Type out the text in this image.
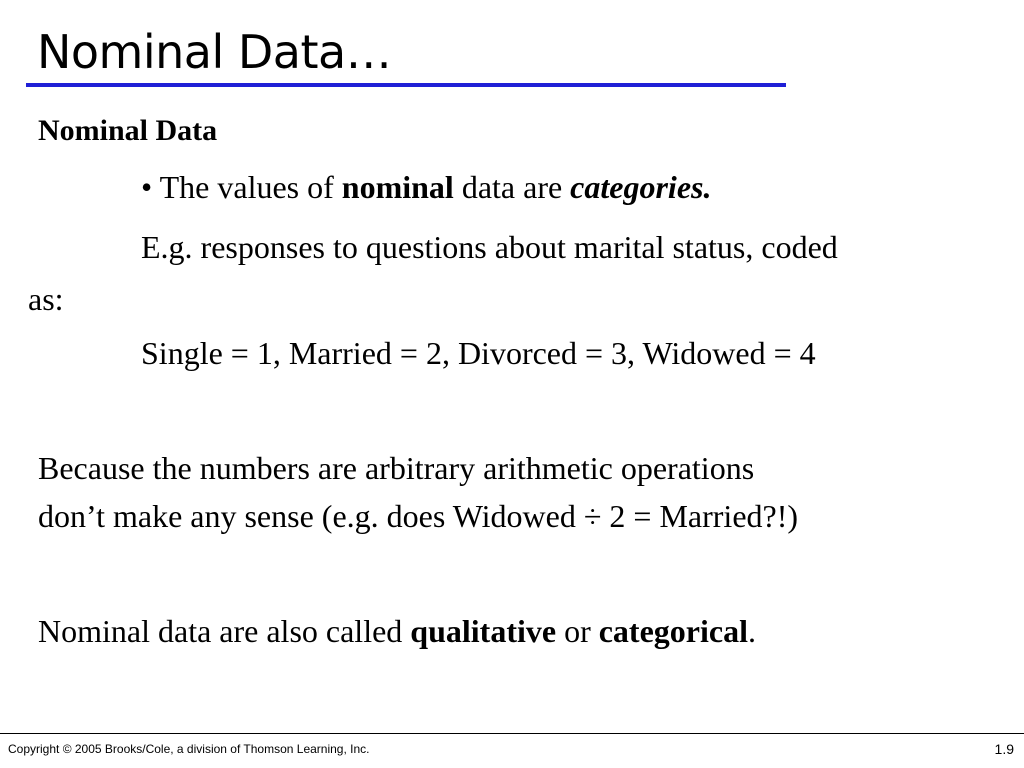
Nominal Data…
Nominal Data
• The values of nominal data are categories.
E.g. responses to questions about marital status, coded
as:
Single = 1, Married = 2, Divorced = 3, Widowed = 4
Because the numbers are arbitrary arithmetic operations
don’t make any sense (e.g. does Widowed ÷ 2 = Married?!)
Nominal data are also called qualitative or categorical.
Copyright © 2005 Brooks/Cole, a division of Thomson Learning, Inc.	1.9
